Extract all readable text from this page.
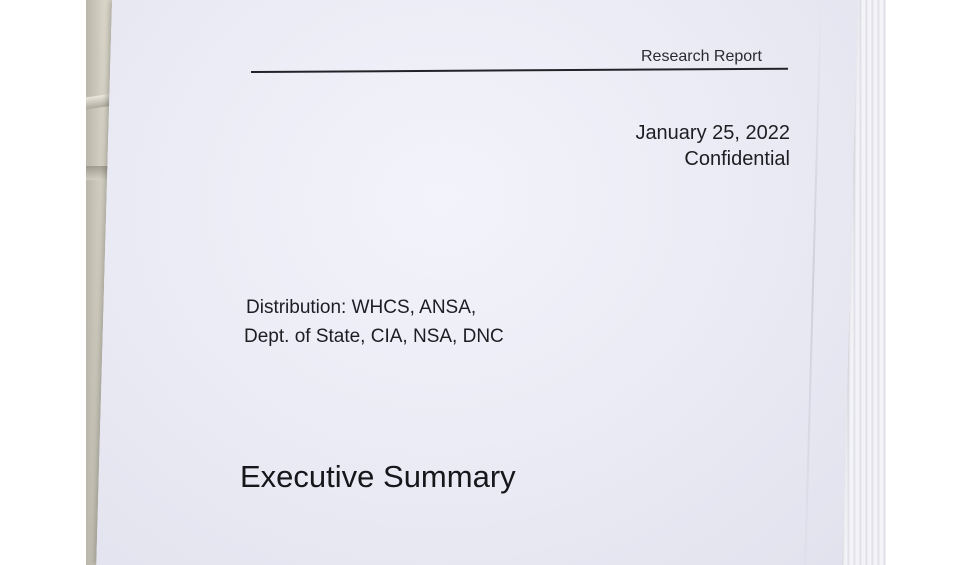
Research Report
January 25, 2022
Confidential
Distribution: WHCS, ANSA,
Dept. of State, CIA, NSA, DNC
Executive Summary
